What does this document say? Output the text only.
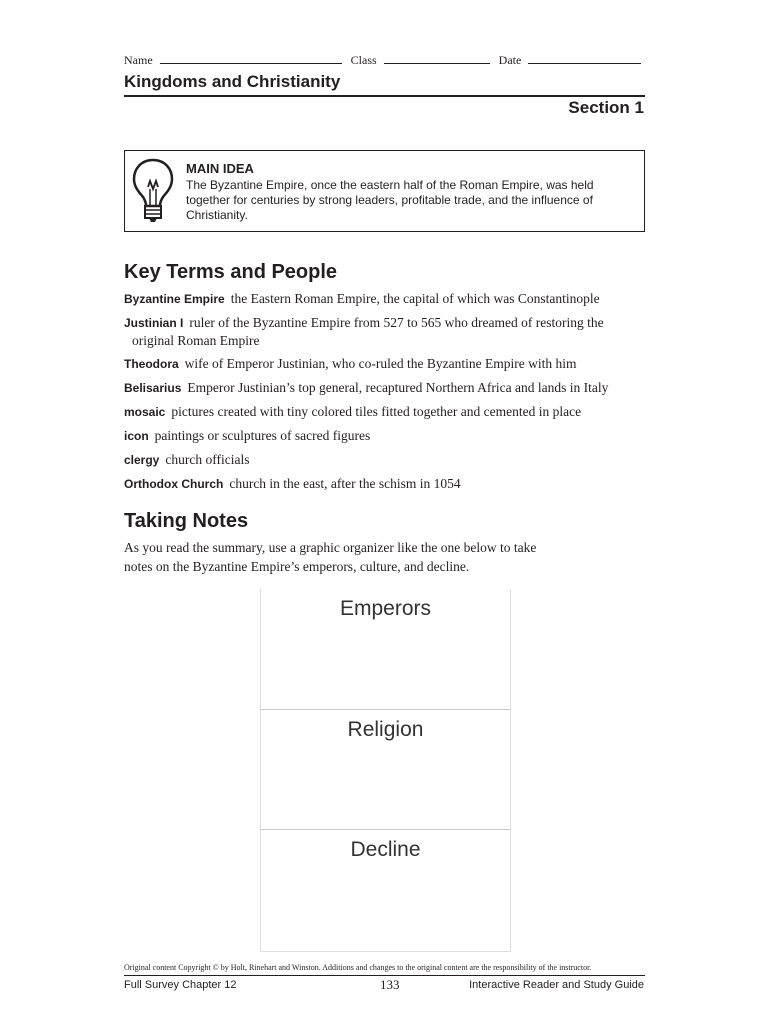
Name	Class	Date
Kingdoms and Christianity
Section 1
MAIN IDEA
The Byzantine Empire, once the eastern half of the Roman Empire, was held together for centuries by strong leaders, profitable trade, and the influence of Christianity.
Key Terms and People
Byzantine Empire the Eastern Roman Empire, the capital of which was Constantinople
Justinian I ruler of the Byzantine Empire from 527 to 565 who dreamed of restoring the original Roman Empire
Theodora wife of Emperor Justinian, who co-ruled the Byzantine Empire with him
Belisarius Emperor Justinian’s top general, recaptured Northern Africa and lands in Italy
mosaic pictures created with tiny colored tiles fitted together and cemented in place
icon paintings or sculptures of sacred figures
clergy church officials
Orthodox Church church in the east, after the schism in 1054
Taking Notes
As you read the summary, use a graphic organizer like the one below to take notes on the Byzantine Empire’s emperors, culture, and decline.
Emperors
Religion
Decline
Original content Copyright © by Holt, Rinehart and Winston. Additions and changes to the original content are the responsibility of the instructor.
Full Survey Chapter 12	133	Interactive Reader and Study Guide
